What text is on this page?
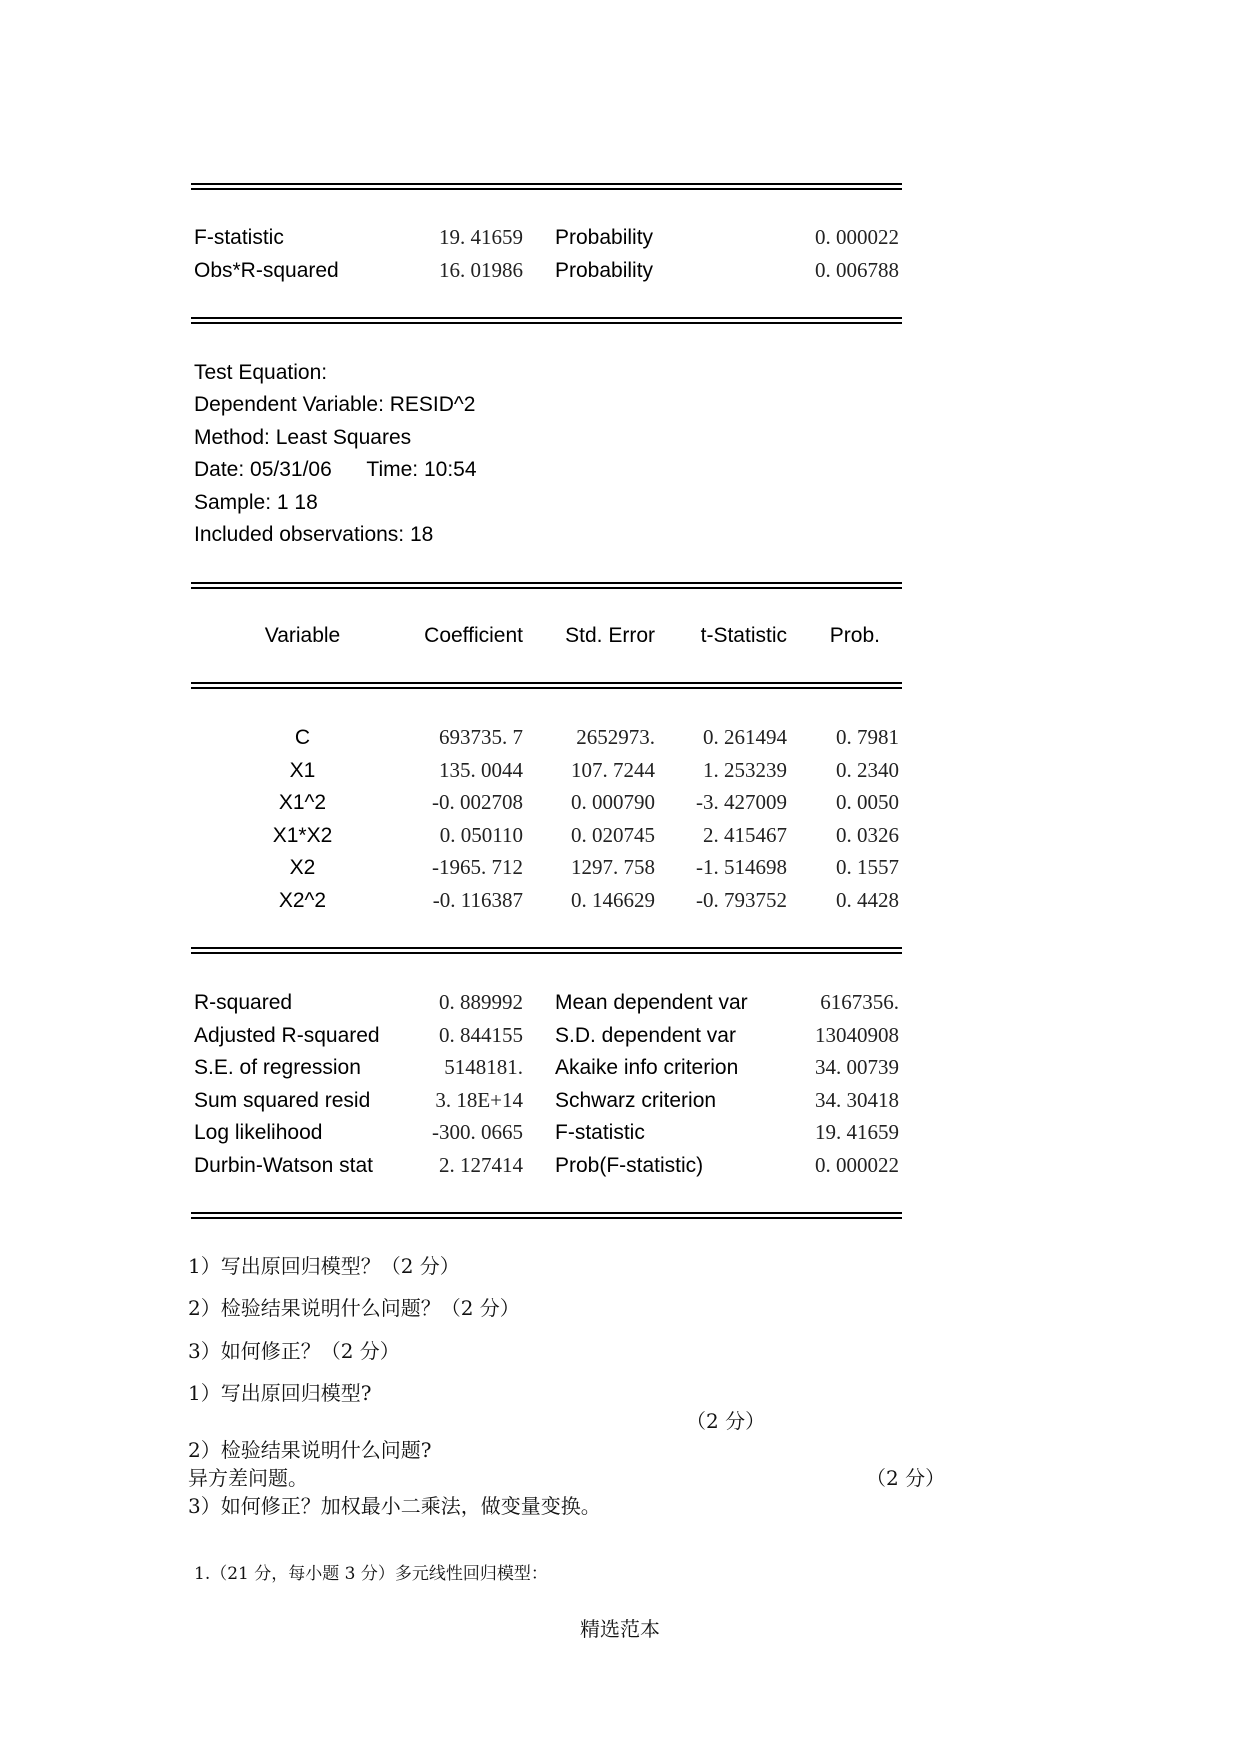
F-statistic	19. 41659 Probability	0. 000022
Obs*R-squared	16. 01986 Probability	0. 006788
Test Equation:
Dependent Variable: RESID^2
Method: Least Squares
Date: 05/31/06      Time: 10:54
Sample: 1 18
Included observations: 18
Variable	Coefficient	Std. Error	t-Statistic	Prob.
C	693735. 7	2652973.	0. 261494	0. 7981
X1	135. 0044	107. 7244	1. 253239	0. 2340
X1^2	-0. 002708	0. 000790	-3. 427009	0. 0050
X1*X2	0. 050110	0. 020745	2. 415467	0. 0326
X2	-1965. 712	1297. 758	-1. 514698	0. 1557
X2^2	-0. 116387	0. 146629	-0. 793752	0. 4428
R-squared	0. 889992 Mean dependent var	6167356.
Adjusted R-squared	0. 844155 S.D. dependent var	13040908
S.E. of regression	5148181. Akaike info criterion	34. 00739
Sum squared resid	3. 18E+14 Schwarz criterion	34. 30418
Log likelihood	-300. 0665 F-statistic	19. 41659
Durbin-Watson stat	2. 127414 Prob(F-statistic)	0. 000022
1）写出原回归模型？（2 分）
2）检验结果说明什么问题？（2 分）
3）如何修正？（2 分）
1）写出原回归模型?
（2 分）
2）检验结果说明什么问题?
异方差问题。	（2 分）
3）如何修正？加权最小二乘法，做变量变换。
1.（21 分，每小题 3 分）多元线性回归模型：
精选范本
